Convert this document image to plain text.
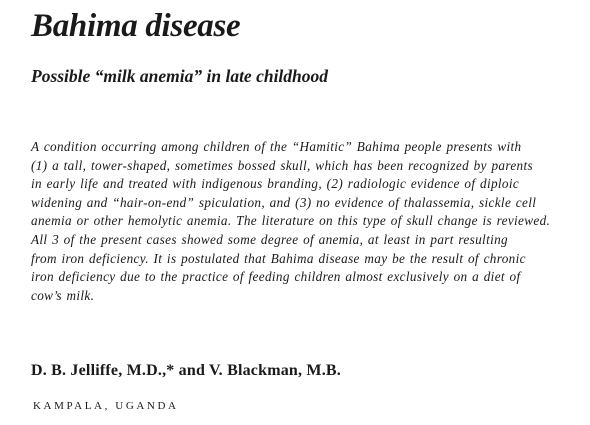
Bahima disease
Possible “milk anemia” in late childhood
A condition occurring among children of the “Hamitic” Bahima people presents with
(1) a tall, tower-shaped, sometimes bossed skull, which has been recognized by parents
in early life and treated with indigenous branding, (2) radiologic evidence of diploic
widening and “hair-on-end” spiculation, and (3) no evidence of thalassemia, sickle cell
anemia or other hemolytic anemia. The literature on this type of skull change is reviewed.
All 3 of the present cases showed some degree of anemia, at least in part resulting
from iron deficiency. It is postulated that Bahima disease may be the result of chronic
iron deficiency due to the practice of feeding children almost exclusively on a diet of
cow’s milk.

D. B. Jelliffe, M.D.,* and V. Blackman, M.B.

KAMPALA, UGANDA
